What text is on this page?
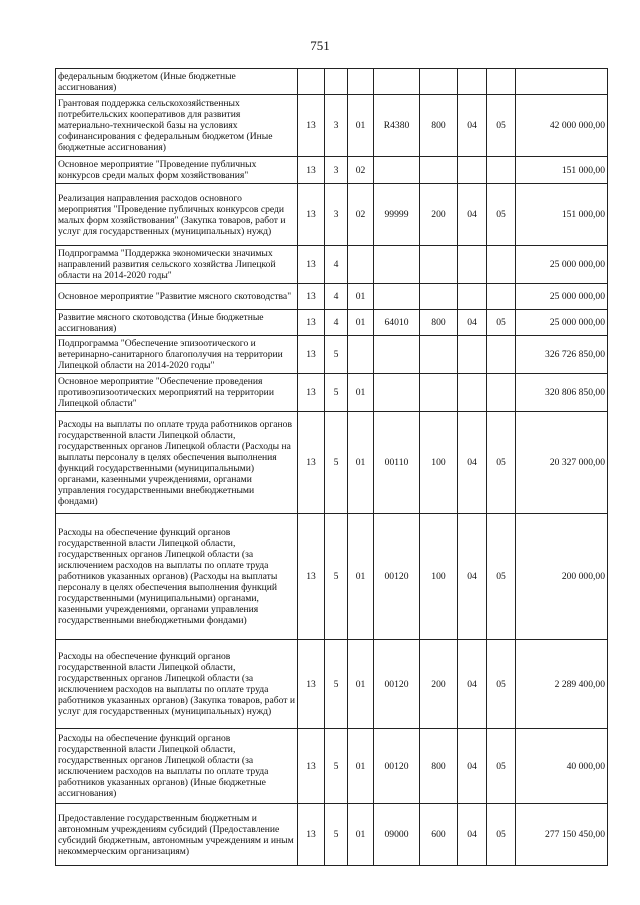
751
федеральным бюджетом (Иные бюджетные ассигнования)								
Грантовая поддержка сельскохозяйственных потребительских кооперативов для развития материально-технической базы на условиях софинансирования с федеральным бюджетом (Иные бюджетные ассигнования)	13	3	01	R4380	800	04	05	42 000 000,00
Основное мероприятие "Проведение публичных конкурсов среди малых форм хозяйствования"	13	3	02					151 000,00
Реализация направления расходов основного мероприятия "Проведение публичных конкурсов среди малых форм хозяйствования" (Закупка товаров, работ и услуг для государственных (муниципальных) нужд)	13	3	02	99999	200	04	05	151 000,00
Подпрограмма "Поддержка экономически значимых направлений развития сельского хозяйства Липецкой области на 2014-2020 годы"	13	4						25 000 000,00
Основное мероприятие "Развитие мясного скотоводства"	13	4	01					25 000 000,00
Развитие мясного скотоводства (Иные бюджетные ассигнования)	13	4	01	64010	800	04	05	25 000 000,00
Подпрограмма "Обеспечение эпизоотического и ветеринарно-санитарного благополучия на территории Липецкой области на 2014-2020 годы"	13	5						326 726 850,00
Основное мероприятие "Обеспечение проведения противоэпизоотических мероприятий на территории Липецкой области"	13	5	01					320 806 850,00
Расходы на выплаты по оплате труда работников органов государственной власти Липецкой области, государственных органов Липецкой области (Расходы на выплаты персоналу в целях обеспечения выполнения функций государственными (муниципальными) органами, казенными учреждениями, органами управления государственными внебюджетными фондами)	13	5	01	00110	100	04	05	20 327 000,00
Расходы на обеспечение функций органов государственной власти Липецкой области, государственных органов Липецкой области (за исключением расходов на выплаты по оплате труда работников указанных органов) (Расходы на выплаты персоналу в целях обеспечения выполнения функций государственными (муниципальными) органами, казенными учреждениями, органами управления государственными внебюджетными фондами)	13	5	01	00120	100	04	05	200 000,00
Расходы на обеспечение функций органов государственной власти Липецкой области, государственных органов Липецкой области (за исключением расходов на выплаты по оплате труда работников указанных органов) (Закупка товаров, работ и услуг для государственных (муниципальных) нужд)	13	5	01	00120	200	04	05	2 289 400,00
Расходы на обеспечение функций органов государственной власти Липецкой области, государственных органов Липецкой области (за исключением расходов на выплаты по оплате труда работников указанных органов) (Иные бюджетные ассигнования)	13	5	01	00120	800	04	05	40 000,00
Предоставление государственным бюджетным и автономным учреждениям субсидий (Предоставление субсидий бюджетным, автономным учреждениям и иным некоммерческим организациям)	13	5	01	09000	600	04	05	277 150 450,00
